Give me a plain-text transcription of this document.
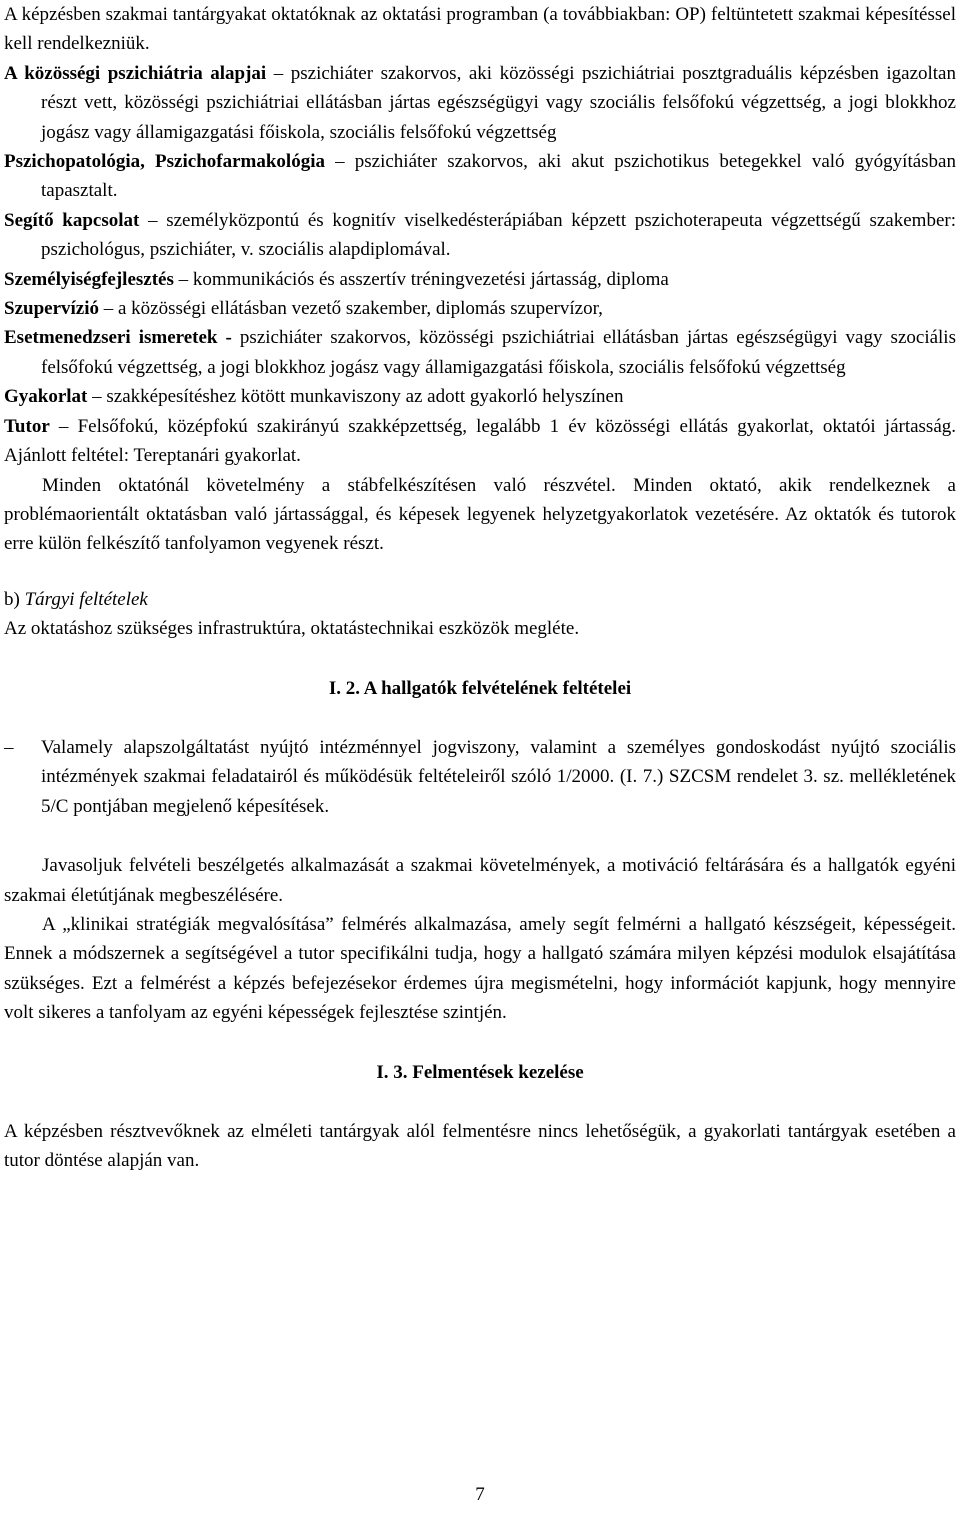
A képzésben szakmai tantárgyakat oktatóknak az oktatási programban (a továbbiakban: OP) feltüntetett szakmai képesítéssel kell rendelkezniük.

A közösségi pszichiátria alapjai – pszichiáter szakorvos, aki közösségi pszichiátriai posztgraduális képzésben igazoltan részt vett, közösségi pszichiátriai ellátásban jártas egészségügyi vagy szociális felsőfokú végzettség, a jogi blokkhoz jogász vagy államigazgatási főiskola, szociális felsőfokú végzettség

Pszichopatológia, Pszichofarmakológia – pszichiáter szakorvos, aki akut pszichotikus betegekkel való gyógyításban tapasztalt.

Segítő kapcsolat – személyközpontú és kognitív viselkedésterápiában képzett pszichoterapeuta végzettségű szakember: pszichológus, pszichiáter, v. szociális alapdiplomával.

Személyiségfejlesztés – kommunikációs és asszertív tréningvezetési jártasság, diploma

Szupervízió – a közösségi ellátásban vezető szakember, diplomás szupervízor,

Esetmenedzseri ismeretek - pszichiáter szakorvos, közösségi pszichiátriai ellátásban jártas egészségügyi vagy szociális felsőfokú végzettség, a jogi blokkhoz jogász vagy államigazgatási főiskola, szociális felsőfokú végzettség

Gyakorlat – szakképesítéshez kötött munkaviszony az adott gyakorló helyszínen

Tutor – Felsőfokú, középfokú szakirányú szakképzettség, legalább 1 év közösségi ellátás gyakorlat, oktatói jártasság. Ajánlott feltétel: Tereptanári gyakorlat.

Minden oktatónál követelmény a stábfelkészítésen való részvétel. Minden oktató, akik rendelkeznek a problémaorientált oktatásban való jártassággal, és képesek legyenek helyzetgyakorlatok vezetésére. Az oktatók és tutorok erre külön felkészítő tanfolyamon vegyenek részt.

b) Tárgyi feltételek

Az oktatáshoz szükséges infrastruktúra, oktatástechnikai eszközök megléte.

I. 2. A hallgatók felvételének feltételei

– Valamely alapszolgáltatást nyújtó intézménnyel jogviszony, valamint a személyes gondoskodást nyújtó szociális intézmények szakmai feladatairól és működésük feltételeiről szóló 1/2000. (I. 7.) SZCSM rendelet 3. sz. mellékletének 5/C pontjában megjelenő képesítések.

Javasoljuk felvételi beszélgetés alkalmazását a szakmai követelmények, a motiváció feltárására és a hallgatók egyéni szakmai életútjának megbeszélésére.

A „klinikai stratégiák megvalósítása” felmérés alkalmazása, amely segít felmérni a hallgató készségeit, képességeit. Ennek a módszernek a segítségével a tutor specifikálni tudja, hogy a hallgató számára milyen képzési modulok elsajátítása szükséges. Ezt a felmérést a képzés befejezésekor érdemes újra megismételni, hogy információt kapjunk, hogy mennyire volt sikeres a tanfolyam az egyéni képességek fejlesztése szintjén.

I. 3. Felmentések kezelése

A képzésben résztvevőknek az elméleti tantárgyak alól felmentésre nincs lehetőségük, a gyakorlati tantárgyak esetében a tutor döntése alapján van.

7
